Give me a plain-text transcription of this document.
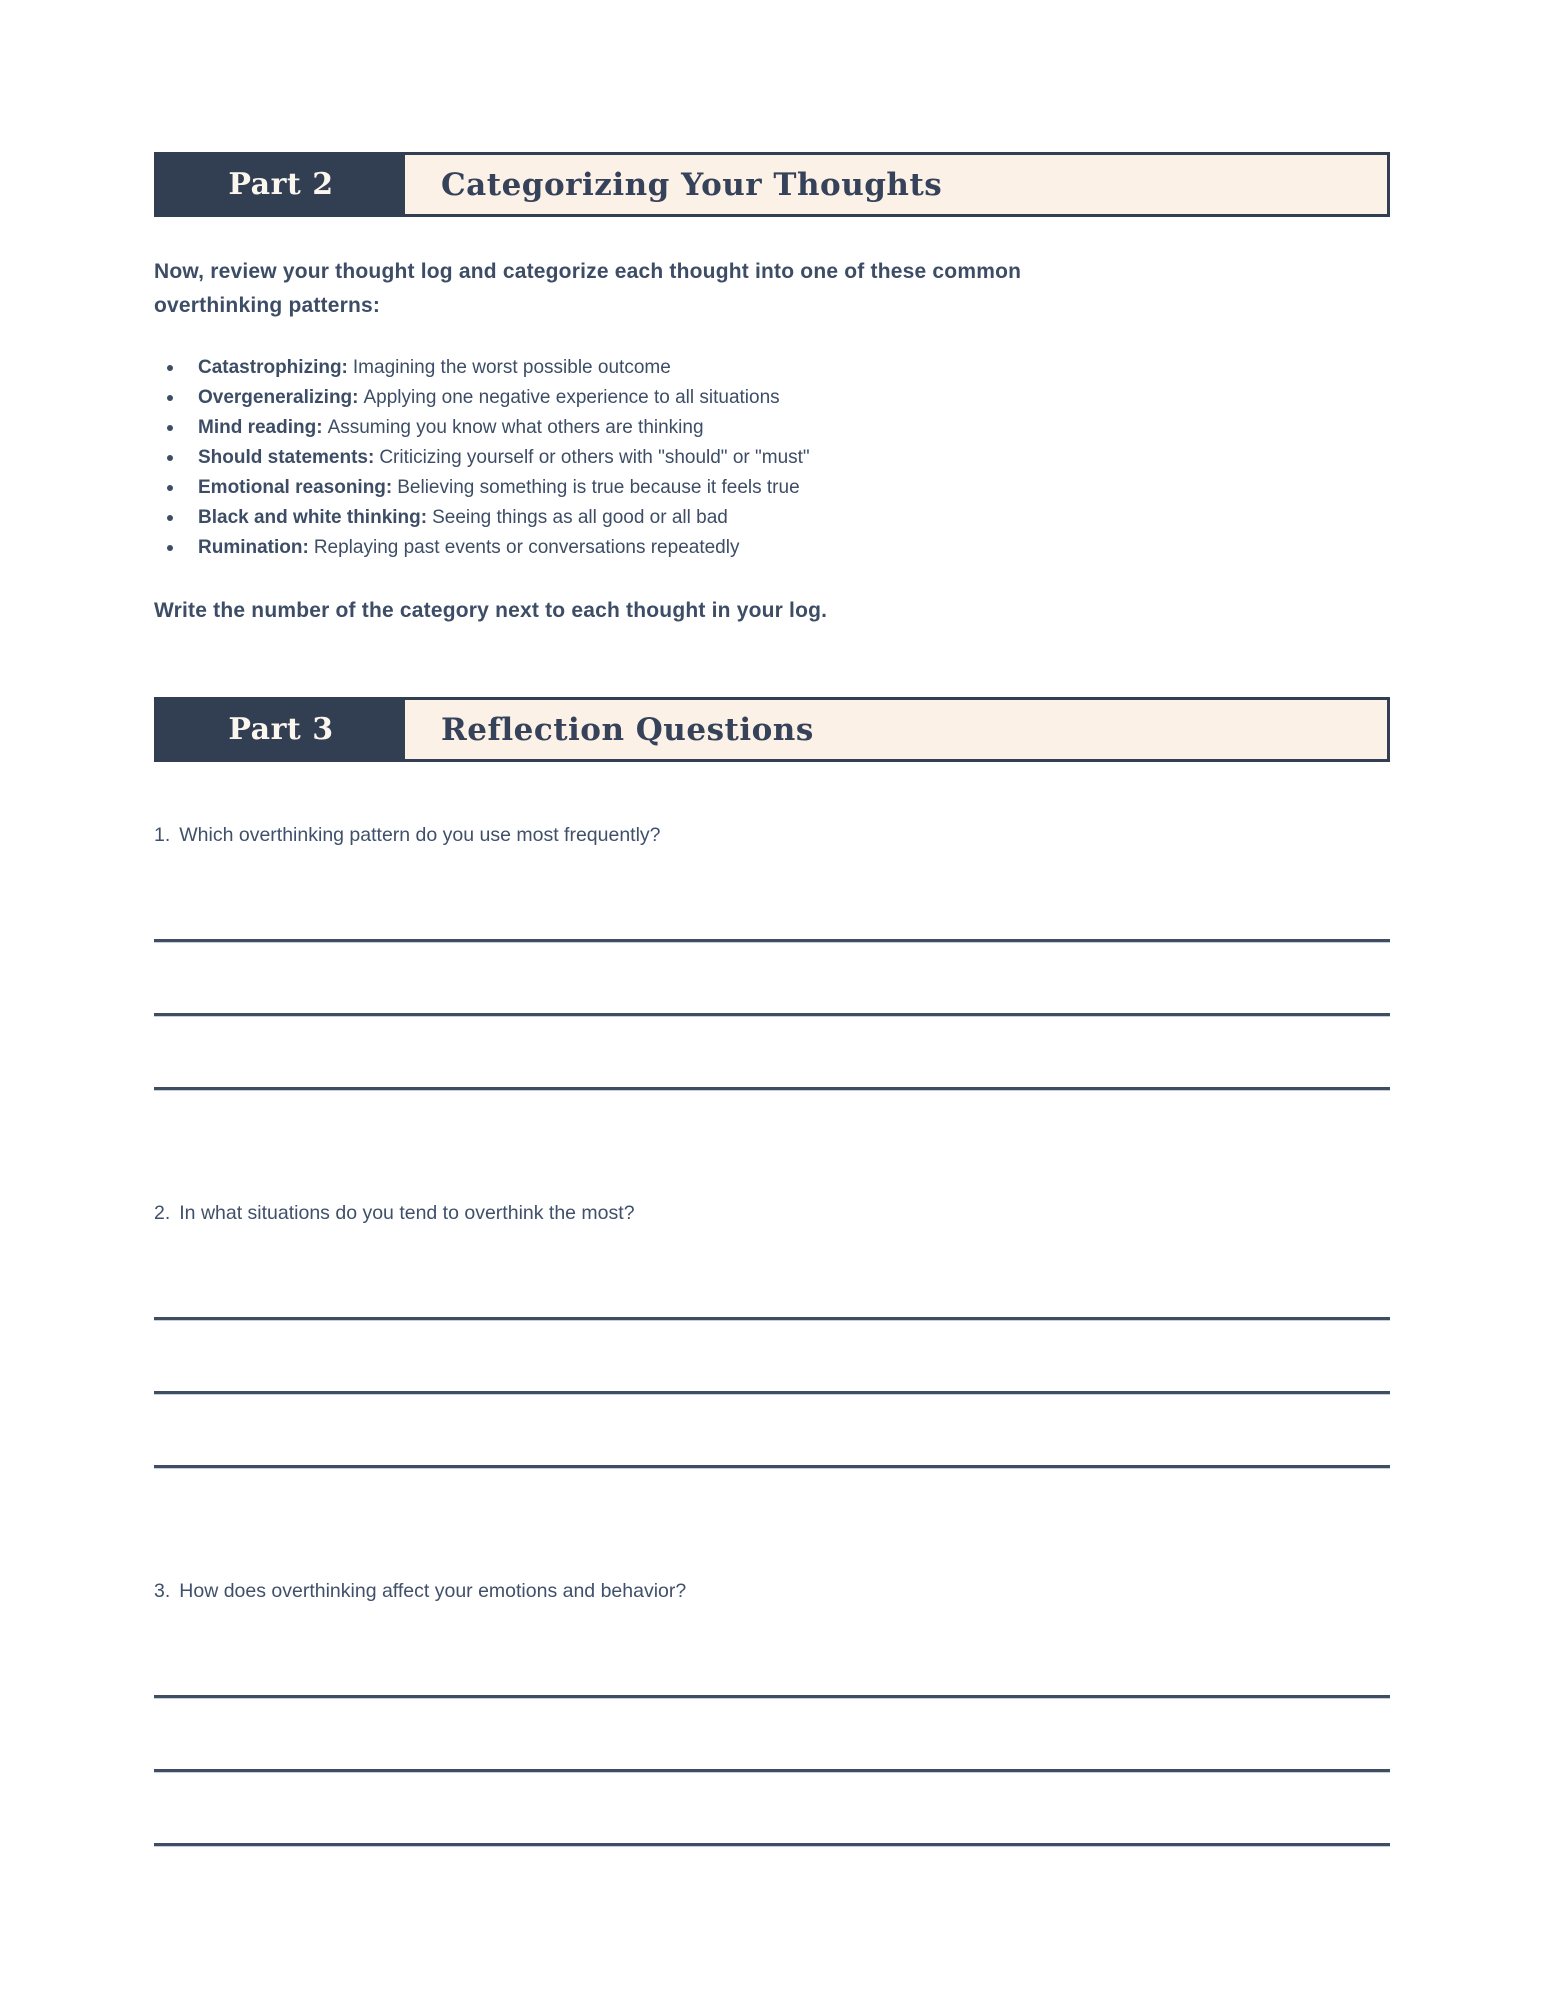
Part 2	Categorizing Your Thoughts
Now, review your thought log and categorize each thought into one of these common
overthinking patterns:
Catastrophizing: Imagining the worst possible outcome
Overgeneralizing: Applying one negative experience to all situations
Mind reading: Assuming you know what others are thinking
Should statements: Criticizing yourself or others with "should" or "must"
Emotional reasoning: Believing something is true because it feels true
Black and white thinking: Seeing things as all good or all bad
Rumination: Replaying past events or conversations repeatedly
Write the number of the category next to each thought in your log.
Part 3	Reflection Questions
1. Which overthinking pattern do you use most frequently?
2. In what situations do you tend to overthink the most?
3. How does overthinking affect your emotions and behavior?
